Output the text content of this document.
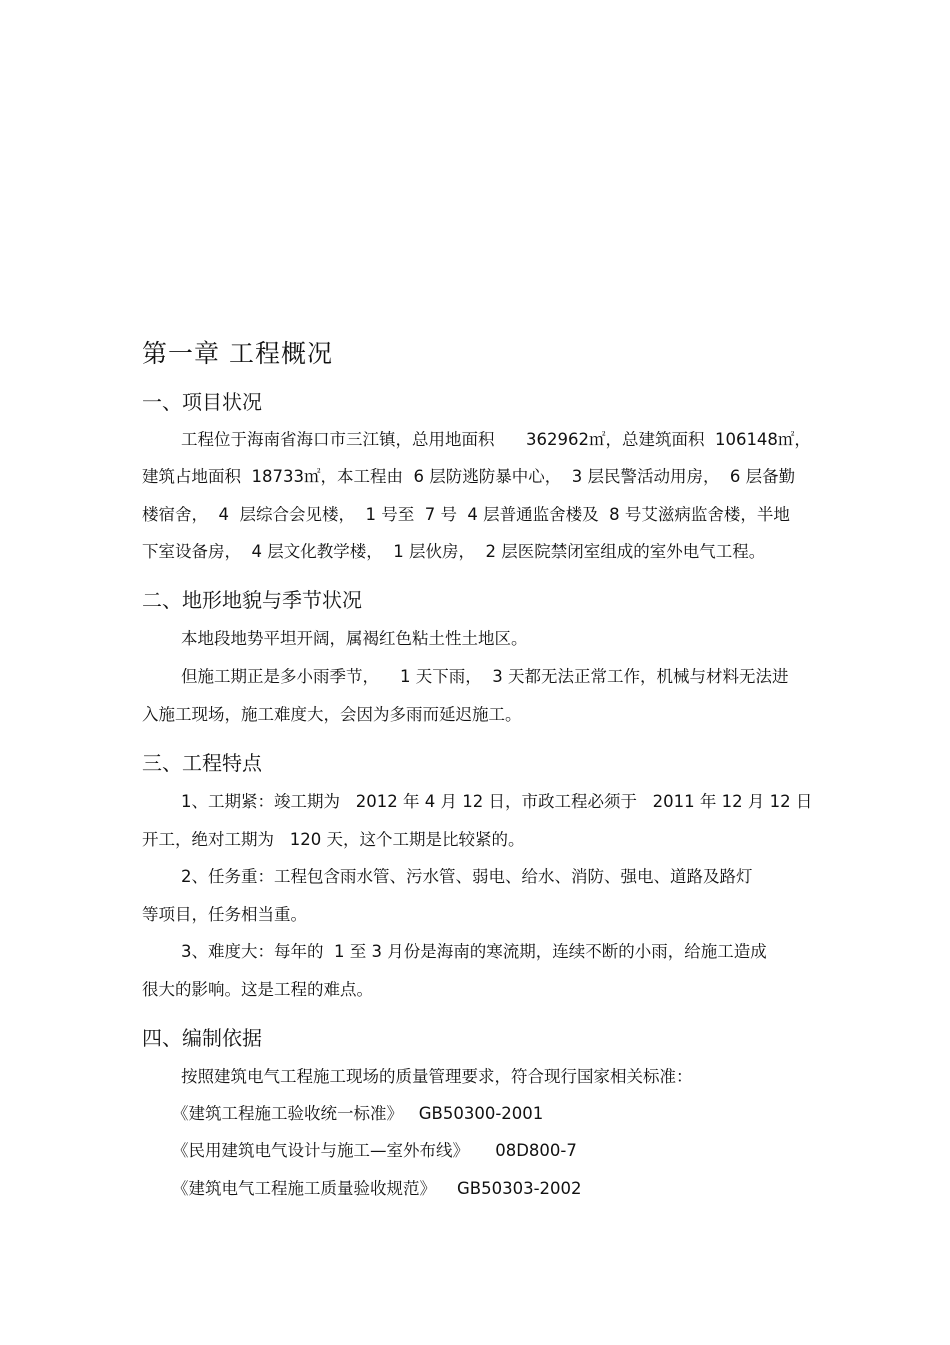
第一章 工程概况
一、项目状况
工程位于海南省海口市三江镇，总用地面积      362962㎡，总建筑面积  106148㎡，
建筑占地面积  18733㎡，本工程由  6 层防逃防暴中心，  3 层民警活动用房，  6 层备勤
楼宿舍，  4  层综合会见楼，  1 号至  7 号  4 层普通监舍楼及  8 号艾滋病监舍楼，半地
下室设备房，  4 层文化教学楼，  1 层伙房，  2 层医院禁闭室组成的室外电气工程。
二、地形地貌与季节状况
本地段地势平坦开阔，属褐红色粘土性土地区。
但施工期正是多小雨季节，    1 天下雨，  3 天都无法正常工作，机械与材料无法进
入施工现场，施工难度大，会因为多雨而延迟施工。
三、工程特点
1、工期紧：竣工期为   2012 年 4 月 12 日，市政工程必须于   2011 年 12 月 12 日
开工，绝对工期为   120 天，这个工期是比较紧的。
2、任务重：工程包含雨水管、污水管、弱电、给水、消防、强电、道路及路灯
等项目，任务相当重。
3、难度大：每年的  1 至 3 月份是海南的寒流期，连续不断的小雨，给施工造成
很大的影响。这是工程的难点。
四、编制依据
按照建筑电气工程施工现场的质量管理要求，符合现行国家相关标准：
《建筑工程施工验收统一标准》   GB50300-2001
《民用建筑电气设计与施工—室外布线》     08D800-7
《建筑电气工程施工质量验收规范》    GB50303-2002
